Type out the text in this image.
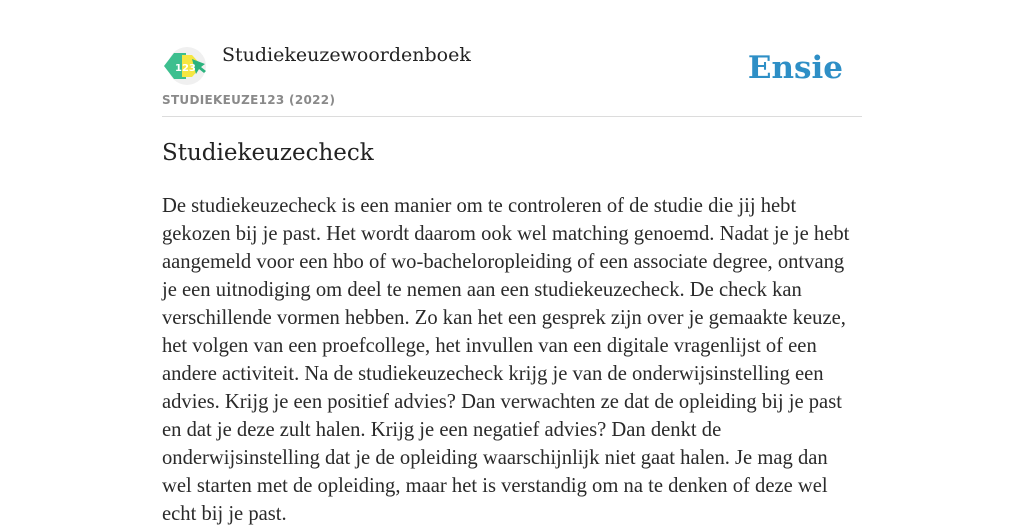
123
Studiekeuzewoordenboek
STUDIEKEUZE123 (2022)
Ensie
Studiekeuzecheck

De studiekeuzecheck is een manier om te controleren of de studie die jij hebt gekozen bij je past. Het wordt daarom ook wel matching genoemd. Nadat je je hebt aangemeld voor een hbo of wo-bacheloropleiding of een associate degree, ontvang je een uitnodiging om deel te nemen aan een studiekeuzecheck. De check kan verschillende vormen hebben. Zo kan het een gesprek zijn over je gemaakte keuze, het volgen van een proefcollege, het invullen van een digitale vragenlijst of een andere activiteit. Na de studiekeuzecheck krijg je van de onderwijsinstelling een advies. Krijg je een positief advies? Dan verwachten ze dat de opleiding bij je past en dat je deze zult halen. Krijg je een negatief advies? Dan denkt de onderwijsinstelling dat je de opleiding waarschijnlijk niet gaat halen. Je mag dan wel starten met de opleiding, maar het is verstandig om na te denken of deze wel echt bij je past.
